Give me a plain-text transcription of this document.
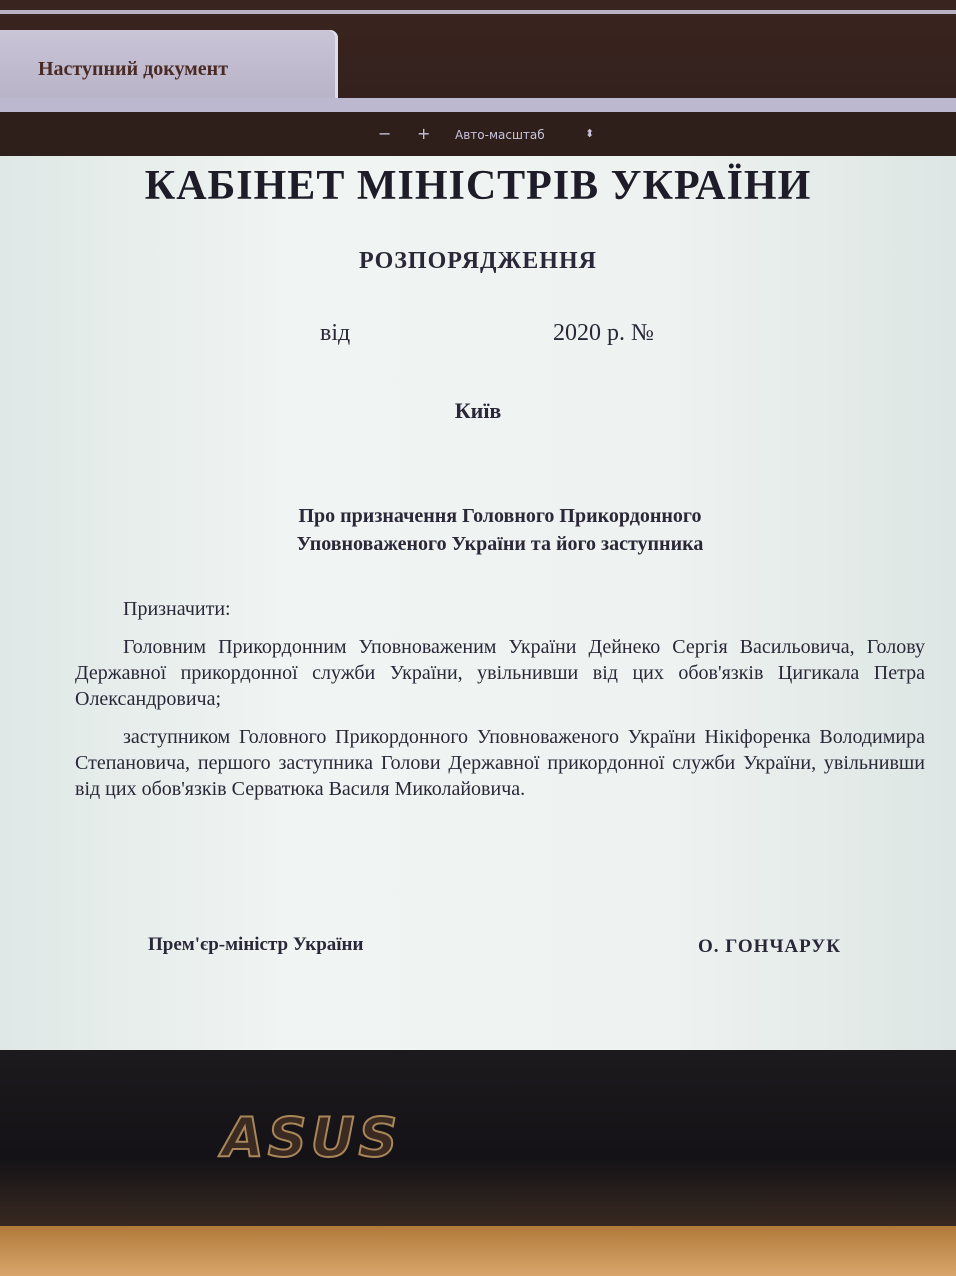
Наступний документ
− + Авто-масштаб	⬍
КАБІНЕТ МІНІСТРІВ УКРАЇНИ
РОЗПОРЯДЖЕННЯ
від	2020 р. №
Київ
Про призначення Головного Прикордонного
Уповноваженого України та його заступника

Призначити:

Головним Прикордонним Уповноваженим України Дейнеко Сергія Васильовича, Голову Державної прикордонної служби України, увільнивши від цих обов'язків Цигикала Петра Олександровича;

заступником Головного Прикордонного Уповноваженого України Нікіфоренка Володимира Степановича, першого заступника Голови Державної прикордонної служби України, увільнивши від цих обов'язків Серватюка Василя Миколайовича.

Прем'єр-міністр України	О. ГОНЧАРУК
ASUS
